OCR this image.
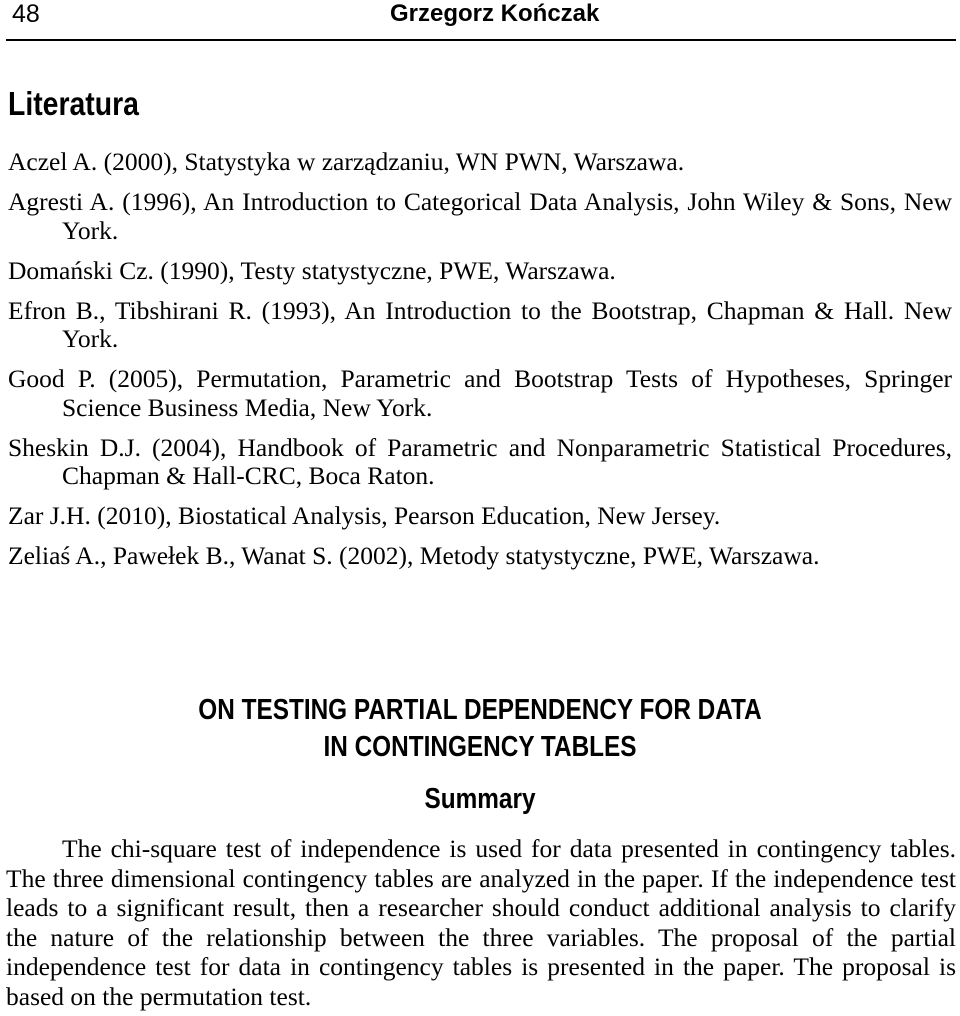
48	Grzegorz Kończak
Literatura
Aczel A. (2000), Statystyka w zarządzaniu, WN PWN, Warszawa.
Agresti A. (1996), An Introduction to Categorical Data Analysis, John Wiley & Sons, New York.
Domański Cz. (1990), Testy statystyczne, PWE, Warszawa.
Efron B., Tibshirani R. (1993), An Introduction to the Bootstrap, Chapman & Hall. New York.
Good P. (2005), Permutation, Parametric and Bootstrap Tests of Hypotheses, Springer Science Business Media, New York.
Sheskin D.J. (2004), Handbook of Parametric and Nonparametric Statistical Procedures, Chapman & Hall-CRC, Boca Raton.
Zar J.H. (2010), Biostatical Analysis, Pearson Education, New Jersey.
Zeliaś A., Pawełek B., Wanat S. (2002), Metody statystyczne, PWE, Warszawa.
ON TESTING PARTIAL DEPENDENCY FOR DATA
IN CONTINGENCY TABLES
Summary

The chi-square test of independence is used for data presented in contingency tables. The three dimensional contingency tables are analyzed in the paper. If the independence test leads to a significant result, then a researcher should conduct additional analysis to clarify the nature of the relationship between the three variables. The proposal of the partial independence test for data in contingency tables is presented in the paper. The proposal is based on the permutation test.
